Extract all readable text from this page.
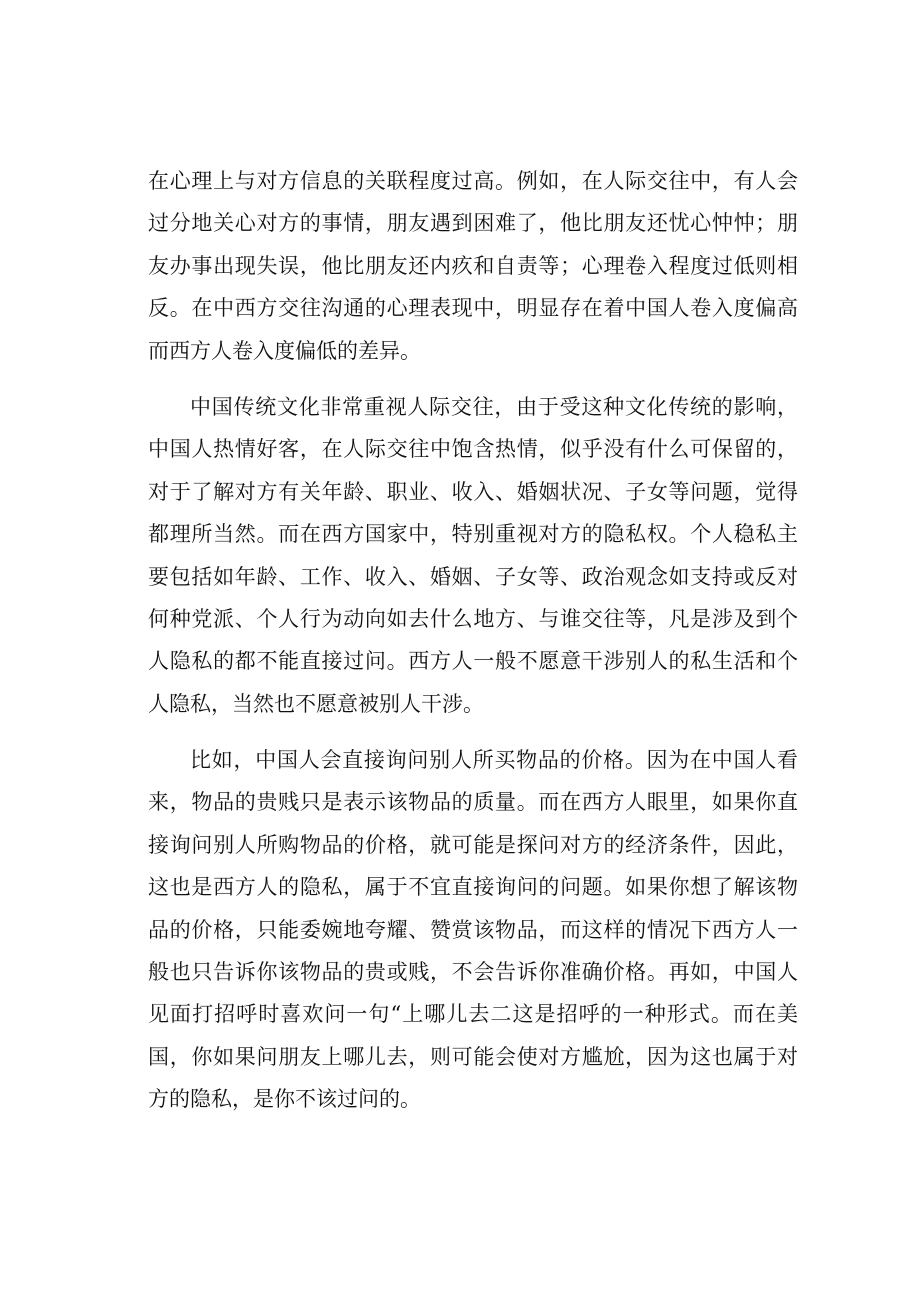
在心理上与对方信息的关联程度过高。例如，在人际交往中，有人会
过分地关心对方的事情，朋友遇到困难了，他比朋友还忧心忡忡；朋
友办事出现失误，他比朋友还内疚和自责等；心理卷入程度过低则相
反。在中西方交往沟通的心理表现中，明显存在着中国人卷入度偏高
而西方人卷入度偏低的差异。
中国传统文化非常重视人际交往，由于受这种文化传统的影响，
中国人热情好客，在人际交往中饱含热情，似乎没有什么可保留的，
对于了解对方有关年龄、职业、收入、婚姻状况、子女等问题，觉得
都理所当然。而在西方国家中，特别重视对方的隐私权。个人稳私主
要包括如年龄、工作、收入、婚姻、子女等、政治观念如支持或反对
何种党派、个人行为动向如去什么地方、与谁交往等，凡是涉及到个
人隐私的都不能直接过问。西方人一般不愿意干涉别人的私生活和个
人隐私，当然也不愿意被别人干涉。
比如，中国人会直接询问别人所买物品的价格。因为在中国人看
来，物品的贵贱只是表示该物品的质量。而在西方人眼里，如果你直
接询问别人所购物品的价格，就可能是探问对方的经济条件，因此，
这也是西方人的隐私，属于不宜直接询问的问题。如果你想了解该物
品的价格，只能委婉地夸耀、赞赏该物品，而这样的情况下西方人一
般也只告诉你该物品的贵或贱，不会告诉你准确价格。再如，中国人
见面打招呼时喜欢问一句“上哪儿去二这是招呼的一种形式。而在美
国，你如果问朋友上哪儿去，则可能会使对方尴尬，因为这也属于对
方的隐私，是你不该过问的。
